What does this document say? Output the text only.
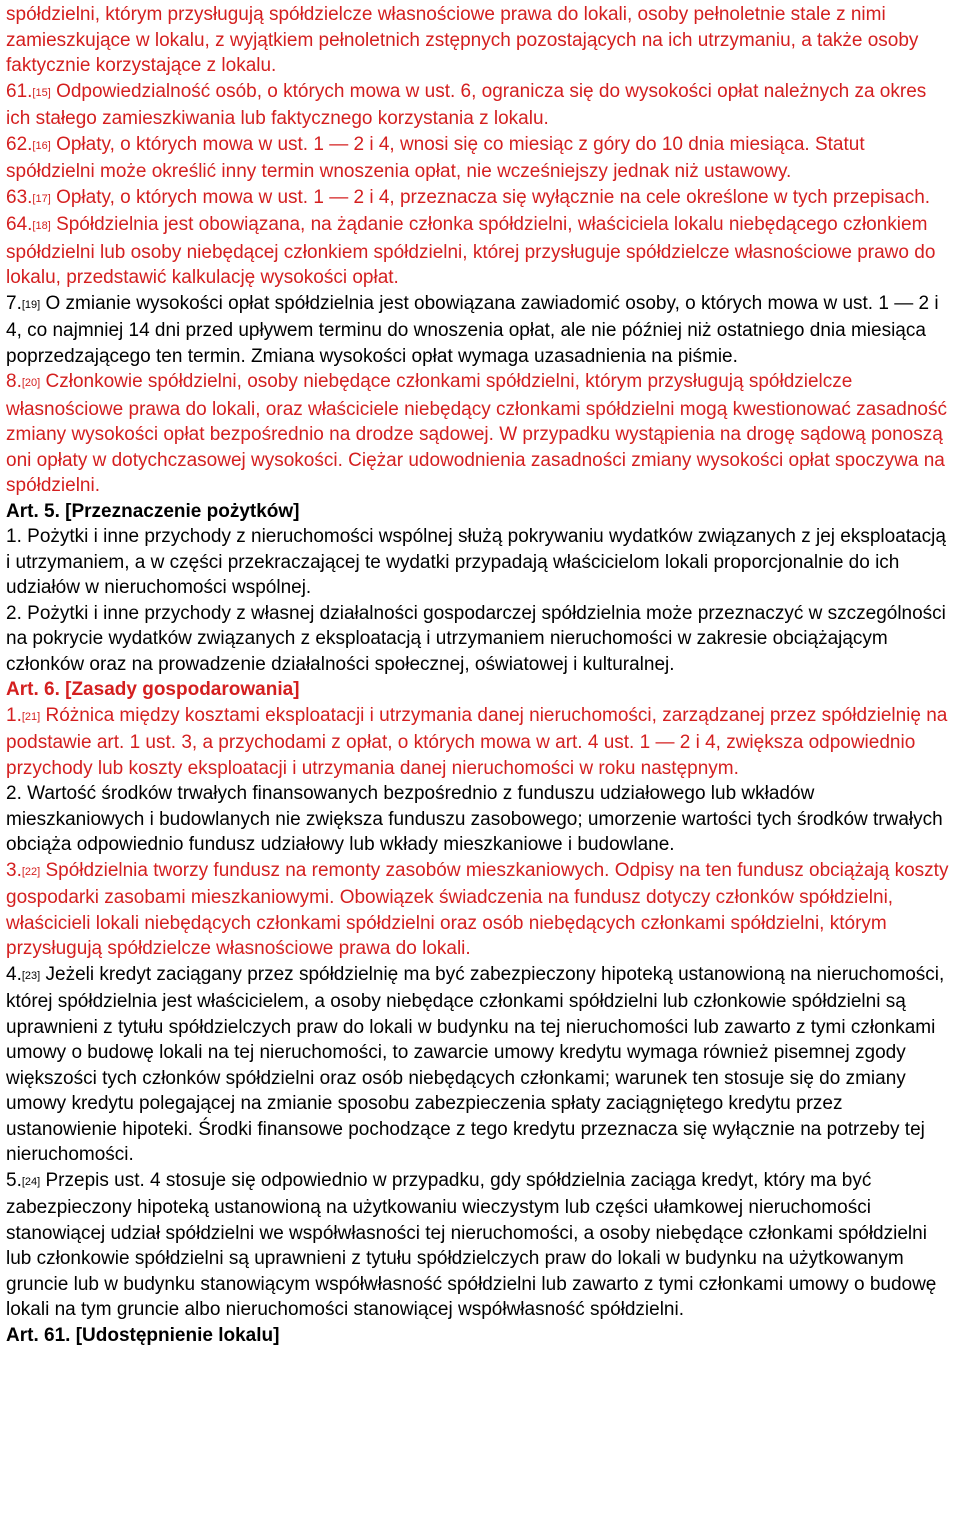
spółdzielni, którym przysługują spółdzielcze własnościowe prawa do lokali, osoby pełnoletnie stale z nimi zamieszkujące w lokalu, z wyjątkiem pełnoletnich zstępnych pozostających na ich utrzymaniu, a także osoby faktycznie korzystające z lokalu.

61.[15] Odpowiedzialność osób, o których mowa w ust. 6, ogranicza się do wysokości opłat należnych za okres ich stałego zamieszkiwania lub faktycznego korzystania z lokalu.

62.[16] Opłaty, o których mowa w ust. 1 — 2 i 4, wnosi się co miesiąc z góry do 10 dnia miesiąca. Statut spółdzielni może określić inny termin wnoszenia opłat, nie wcześniejszy jednak niż ustawowy.

63.[17] Opłaty, o których mowa w ust. 1 — 2 i 4, przeznacza się wyłącznie na cele określone w tych przepisach.

64.[18] Spółdzielnia jest obowiązana, na żądanie członka spółdzielni, właściciela lokalu niebędącego członkiem spółdzielni lub osoby niebędącej członkiem spółdzielni, której przysługuje spółdzielcze własnościowe prawo do lokalu, przedstawić kalkulację wysokości opłat.

7.[19] O zmianie wysokości opłat spółdzielnia jest obowiązana zawiadomić osoby, o których mowa w ust. 1 — 2 i 4, co najmniej 14 dni przed upływem terminu do wnoszenia opłat, ale nie później niż ostatniego dnia miesiąca poprzedzającego ten termin. Zmiana wysokości opłat wymaga uzasadnienia na piśmie.

8.[20] Członkowie spółdzielni, osoby niebędące członkami spółdzielni, którym przysługują spółdzielcze własnościowe prawa do lokali, oraz właściciele niebędący członkami spółdzielni mogą kwestionować zasadność zmiany wysokości opłat bezpośrednio na drodze sądowej. W przypadku wystąpienia na drogę sądową ponoszą oni opłaty w dotychczasowej wysokości. Ciężar udowodnienia zasadności zmiany wysokości opłat spoczywa na spółdzielni.

Art. 5. [Przeznaczenie pożytków]

1. Pożytki i inne przychody z nieruchomości wspólnej służą pokrywaniu wydatków związanych z jej eksploatacją i utrzymaniem, a w części przekraczającej te wydatki przypadają właścicielom lokali proporcjonalnie do ich udziałów w nieruchomości wspólnej.

2. Pożytki i inne przychody z własnej działalności gospodarczej spółdzielnia może przeznaczyć w szczególności na pokrycie wydatków związanych z eksploatacją i utrzymaniem nieruchomości w zakresie obciążającym członków oraz na prowadzenie działalności społecznej, oświatowej i kulturalnej.

Art. 6. [Zasady gospodarowania]

1.[21] Różnica między kosztami eksploatacji i utrzymania danej nieruchomości, zarządzanej przez spółdzielnię na podstawie art. 1 ust. 3, a przychodami z opłat, o których mowa w art. 4 ust. 1 — 2 i 4, zwiększa odpowiednio przychody lub koszty eksploatacji i utrzymania danej nieruchomości w roku następnym.

2. Wartość środków trwałych finansowanych bezpośrednio z funduszu udziałowego lub wkładów mieszkaniowych i budowlanych nie zwiększa funduszu zasobowego; umorzenie wartości tych środków trwałych obciąża odpowiednio fundusz udziałowy lub wkłady mieszkaniowe i budowlane.

3.[22] Spółdzielnia tworzy fundusz na remonty zasobów mieszkaniowych. Odpisy na ten fundusz obciążają koszty gospodarki zasobami mieszkaniowymi. Obowiązek świadczenia na fundusz dotyczy członków spółdzielni, właścicieli lokali niebędących członkami spółdzielni oraz osób niebędących członkami spółdzielni, którym przysługują spółdzielcze własnościowe prawa do lokali.

4.[23] Jeżeli kredyt zaciągany przez spółdzielnię ma być zabezpieczony hipoteką ustanowioną na nieruchomości, której spółdzielnia jest właścicielem, a osoby niebędące członkami spółdzielni lub członkowie spółdzielni są uprawnieni z tytułu spółdzielczych praw do lokali w budynku na tej nieruchomości lub zawarto z tymi członkami umowy o budowę lokali na tej nieruchomości, to zawarcie umowy kredytu wymaga również pisemnej zgody większości tych członków spółdzielni oraz osób niebędących członkami; warunek ten stosuje się do zmiany umowy kredytu polegającej na zmianie sposobu zabezpieczenia spłaty zaciągniętego kredytu przez ustanowienie hipoteki. Środki finansowe pochodzące z tego kredytu przeznacza się wyłącznie na potrzeby tej nieruchomości.

5.[24] Przepis ust. 4 stosuje się odpowiednio w przypadku, gdy spółdzielnia zaciąga kredyt, który ma być zabezpieczony hipoteką ustanowioną na użytkowaniu wieczystym lub części ułamkowej nieruchomości stanowiącej udział spółdzielni we współwłasności tej nieruchomości, a osoby niebędące członkami spółdzielni lub członkowie spółdzielni są uprawnieni z tytułu spółdzielczych praw do lokali w budynku na użytkowanym gruncie lub w budynku stanowiącym współwłasność spółdzielni lub zawarto z tymi członkami umowy o budowę lokali na tym gruncie albo nieruchomości stanowiącej współwłasność spółdzielni.

Art. 61. [Udostępnienie lokalu]
